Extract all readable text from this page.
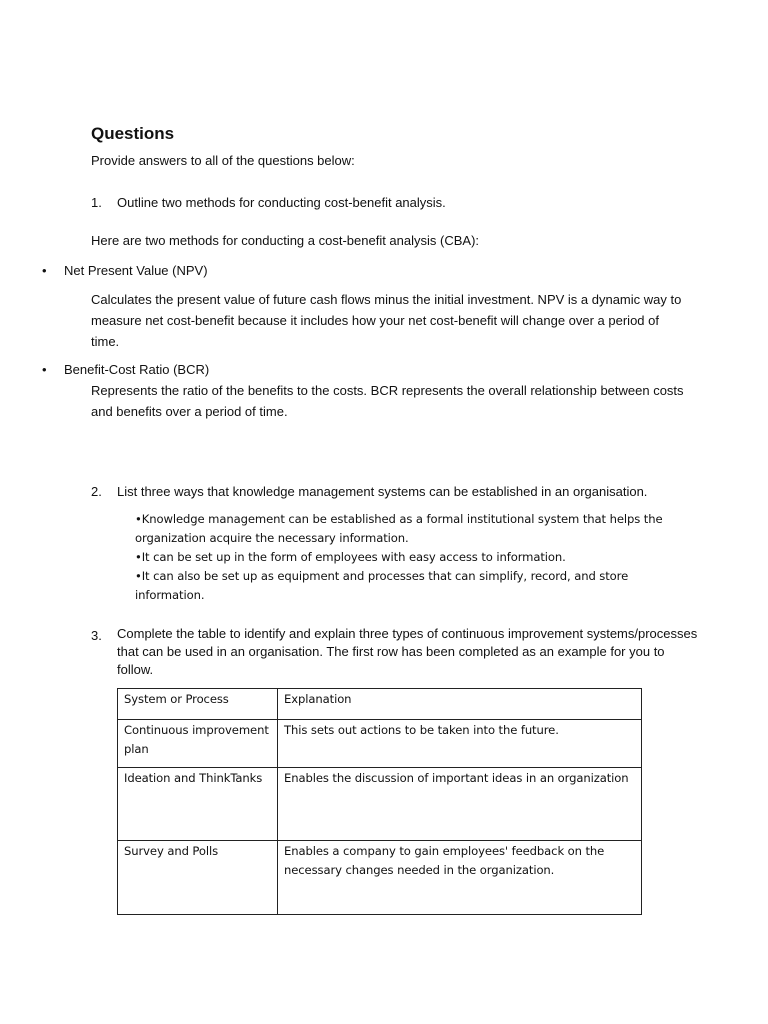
Questions
Provide answers to all of the questions below:
1. Outline two methods for conducting cost-benefit analysis.
Here are two methods for conducting a cost-benefit analysis (CBA):
• Net Present Value (NPV)
Calculates the present value of future cash flows minus the initial investment. NPV is a dynamic way to
measure net cost-benefit because it includes how your net cost-benefit will change over a period of
time.
• Benefit-Cost Ratio (BCR)
Represents the ratio of the benefits to the costs. BCR represents the overall relationship between costs
and benefits over a period of time.
2. List three ways that knowledge management systems can be established in an organisation.
•Knowledge management can be established as a formal institutional system that helps the
organization acquire the necessary information.
•It can be set up in the form of employees with easy access to information.
•It can also be set up as equipment and processes that can simplify, record, and store
information.
3. Complete the table to identify and explain three types of continuous improvement systems/processes
that can be used in an organisation. The first row has been completed as an example for you to
follow.
System or Process	Explanation

Continuous improvement
plan	This sets out actions to be taken into the future.

Ideation and ThinkTanks	Enables the discussion of important ideas in an organization

Survey and Polls	Enables a company to gain employees' feedback on the
necessary changes needed in the organization.
